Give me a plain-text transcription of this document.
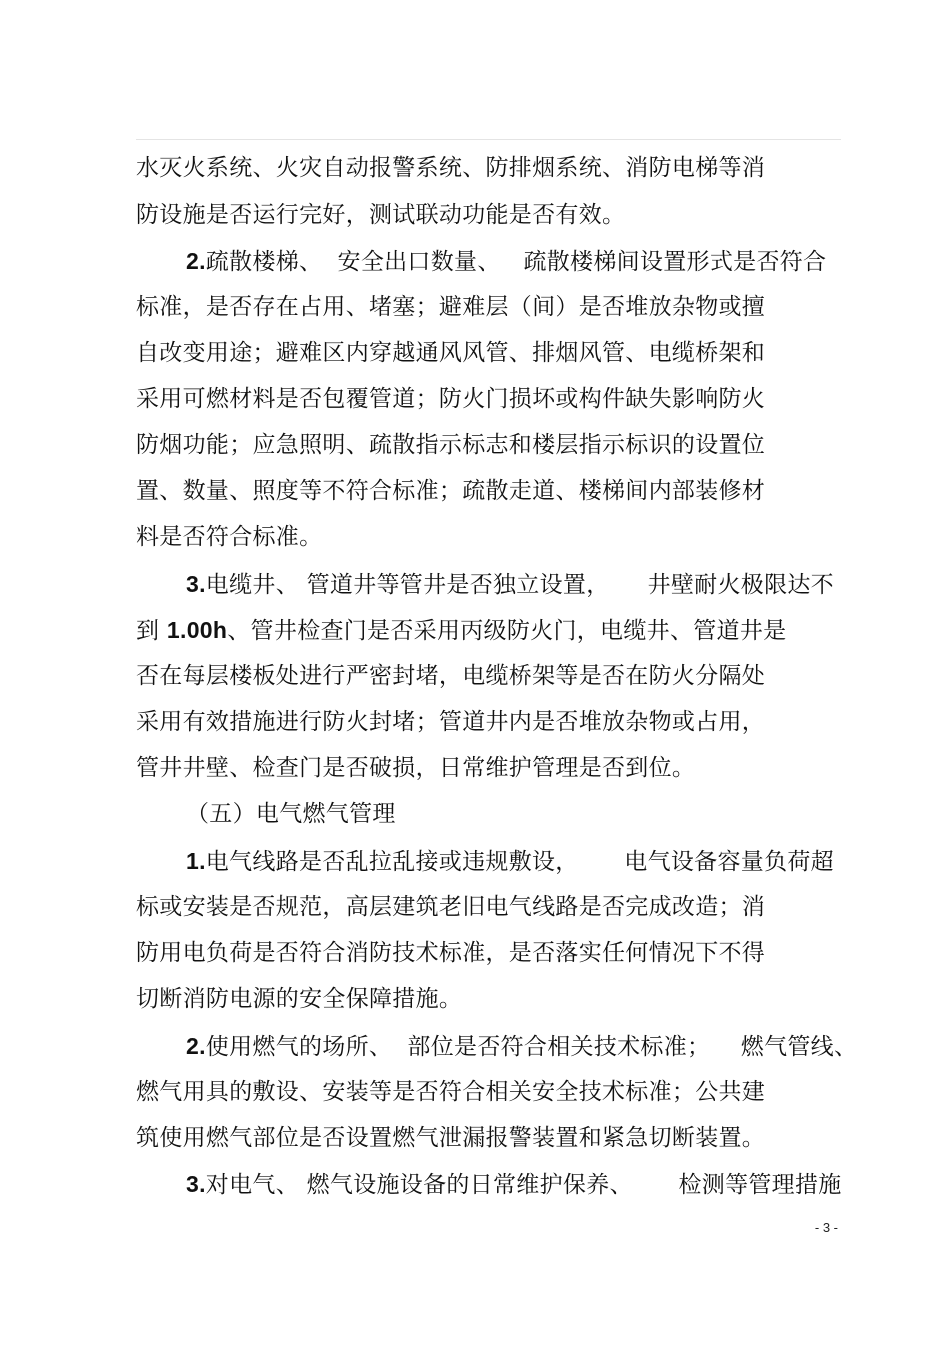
水灭火系统、火灾自动报警系统、防排烟系统、消防电梯等消
防设施是否运行完好，测试联动功能是否有效。
2.疏散楼梯、  安全出口数量、   疏散楼梯间设置形式是否符合
标准，是否存在占用、堵塞；避难层（间）是否堆放杂物或擅
自改变用途；避难区内穿越通风风管、排烟风管、电缆桥架和
采用可燃材料是否包覆管道；防火门损坏或构件缺失影响防火
防烟功能；应急照明、疏散指示标志和楼层指示标识的设置位
置、数量、照度等不符合标准；疏散走道、楼梯间内部装修材
料是否符合标准。
3.电缆井、 管道井等管井是否独立设置，     井壁耐火极限达不
到 1.00h、管井检查门是否采用丙级防火门，电缆井、管道井是
否在每层楼板处进行严密封堵，电缆桥架等是否在防火分隔处
采用有效措施进行防火封堵；管道井内是否堆放杂物或占用，
管井井壁、检查门是否破损，日常维护管理是否到位。
（五）电气燃气管理
1.电气线路是否乱拉乱接或违规敷设，      电气设备容量负荷超
标或安装是否规范，高层建筑老旧电气线路是否完成改造；消
防用电负荷是否符合消防技术标准，是否落实任何情况下不得
切断消防电源的安全保障措施。
2.使用燃气的场所、  部位是否符合相关技术标准；    燃气管线、
燃气用具的敷设、安装等是否符合相关安全技术标准；公共建
筑使用燃气部位是否设置燃气泄漏报警装置和紧急切断装置。
3.对电气、 燃气设施设备的日常维护保养、      检测等管理措施
- 3 -
